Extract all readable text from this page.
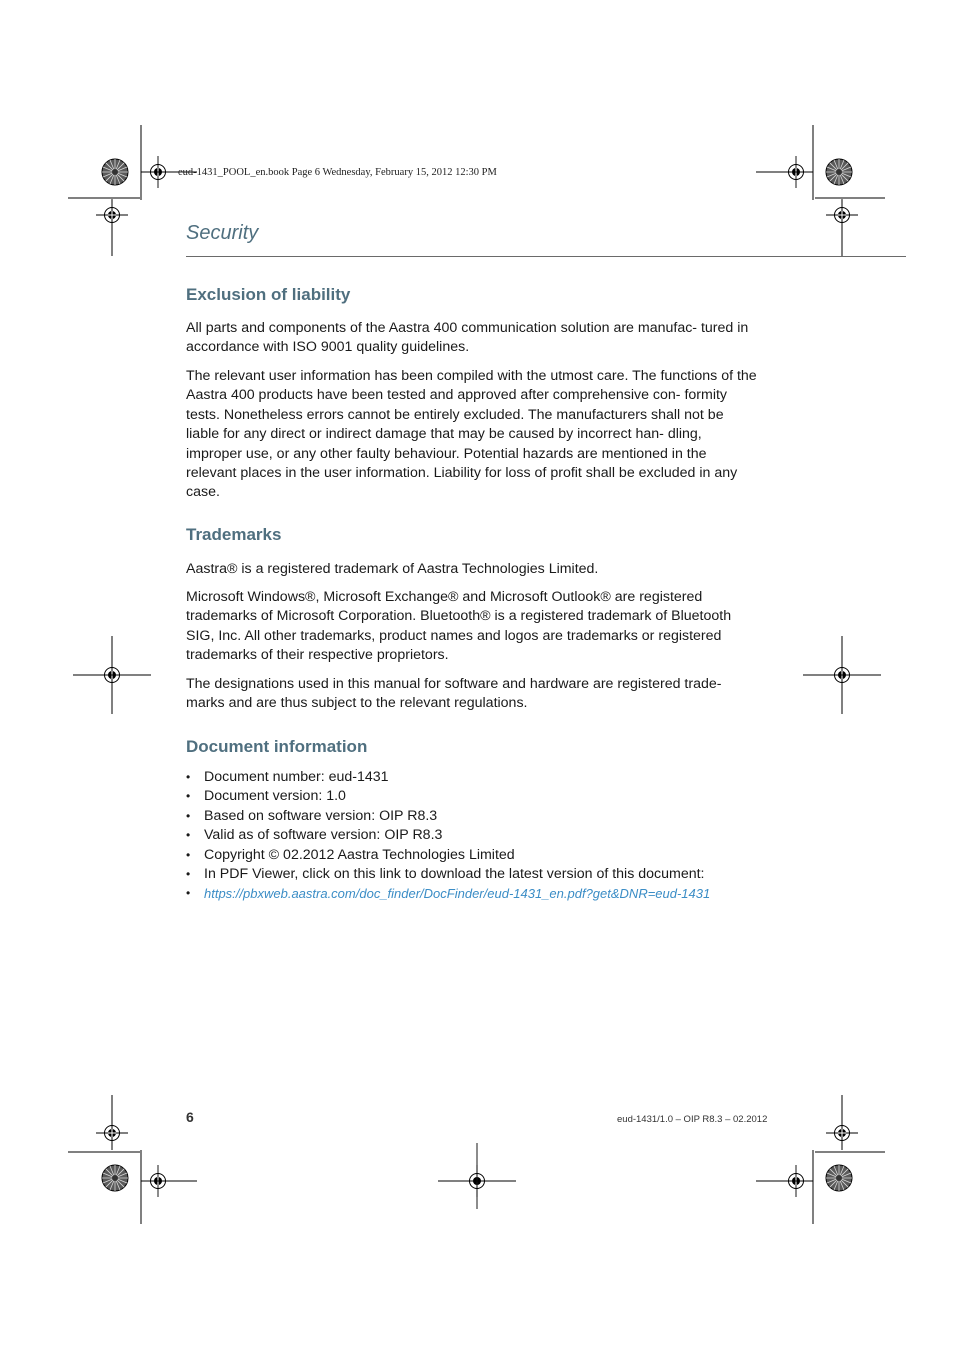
eud-1431_POOL_en.book Page 6 Wednesday, February 15, 2012 12:30 PM
Security
Exclusion of liability

All parts and components of the Aastra 400 communication solution are manufac- tured in accordance with ISO 9001 quality guidelines.

The relevant user information has been compiled with the utmost care. The functions of the Aastra 400 products have been tested and approved after comprehensive con- formity tests. Nonetheless errors cannot be entirely excluded. The manufacturers shall not be liable for any direct or indirect damage that may be caused by incorrect han- dling, improper use, or any other faulty behaviour. Potential hazards are mentioned in the relevant places in the user information. Liability for loss of profit shall be excluded in any case.

Trademarks

Aastra® is a registered trademark of Aastra Technologies Limited.

Microsoft Windows®, Microsoft Exchange® and Microsoft Outlook® are registered trademarks of Microsoft Corporation. Bluetooth® is a registered trademark of Bluetooth SIG, Inc. All other trademarks, product names and logos are trademarks or registered trademarks of their respective proprietors.

The designations used in this manual for software and hardware are registered trade- marks and are thus subject to the relevant regulations.

Document information
• Document number: eud-1431
• Document version: 1.0
• Based on software version: OIP R8.3
• Valid as of software version: OIP R8.3
• Copyright © 02.2012 Aastra Technologies Limited
• In PDF Viewer, click on this link to download the latest version of this document:
• https://pbxweb.aastra.com/doc_finder/DocFinder/eud-1431_en.pdf?get&DNR=eud-1431
6	eud-1431/1.0 – OIP R8.3 – 02.2012
